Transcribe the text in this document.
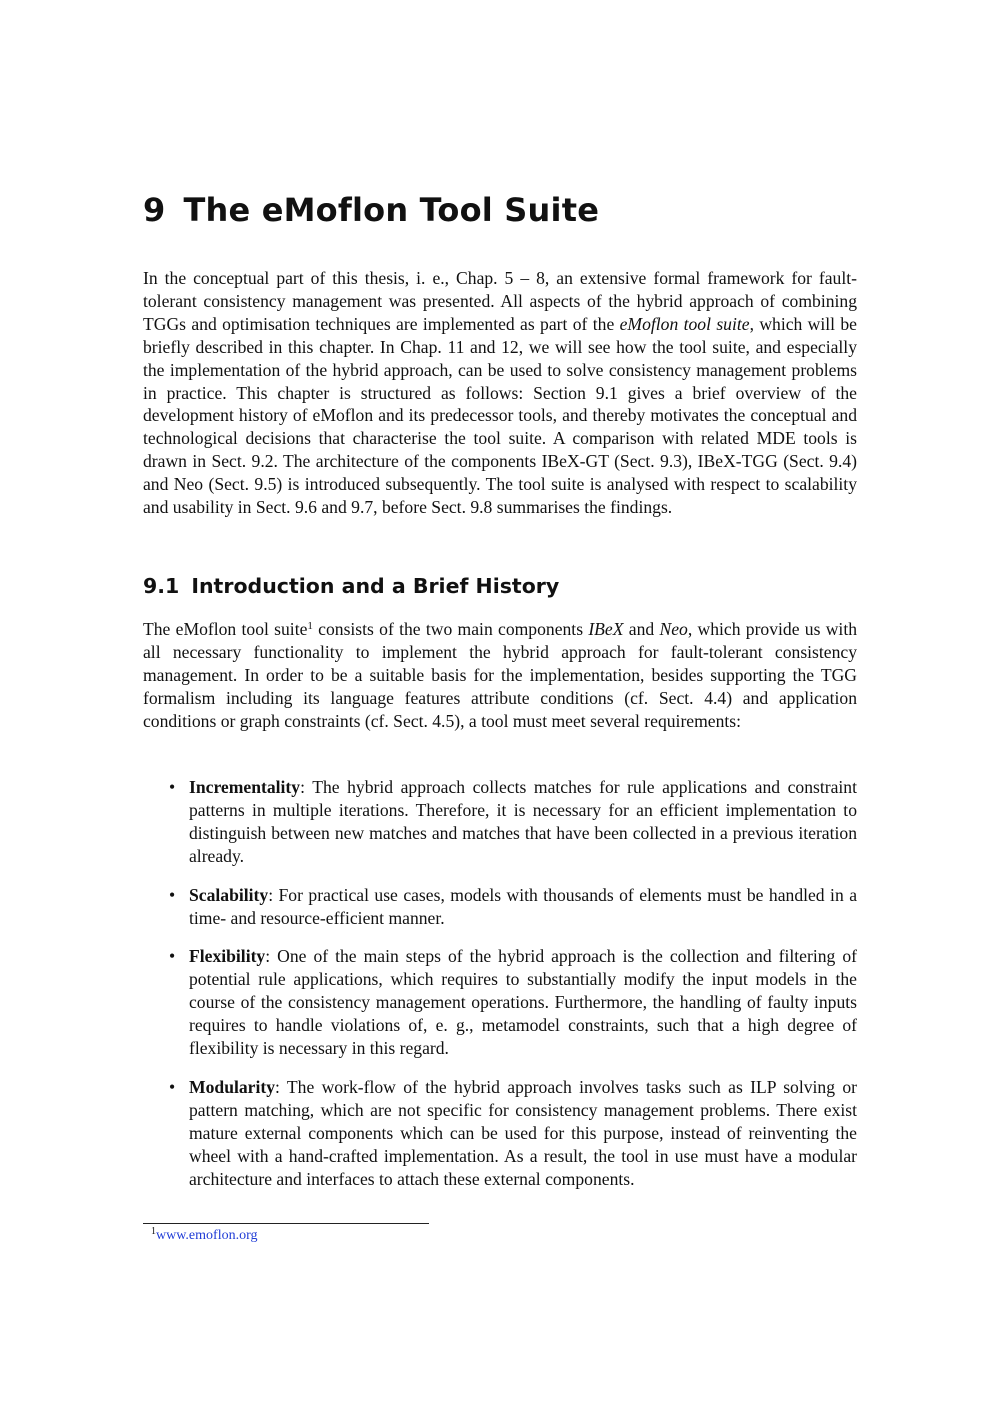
9 The eMoflon Tool Suite

In the conceptual part of this thesis, i. e., Chap. 5 – 8, an extensive formal framework for fault-tolerant consistency management was presented. All aspects of the hybrid approach of combining TGGs and optimisation techniques are implemented as part of the eMoflon tool suite, which will be briefly described in this chapter. In Chap. 11 and 12, we will see how the tool suite, and especially the implementation of the hybrid approach, can be used to solve consistency management problems in practice. This chapter is structured as follows: Section 9.1 gives a brief overview of the development history of eMoflon and its predecessor tools, and thereby motivates the conceptual and technological decisions that characterise the tool suite. A comparison with related MDE tools is drawn in Sect. 9.2. The architecture of the components IBeX-GT (Sect. 9.3), IBeX-TGG (Sect. 9.4) and Neo (Sect. 9.5) is introduced subsequently. The tool suite is analysed with respect to scalability and usability in Sect. 9.6 and 9.7, before Sect. 9.8 summarises the findings.

9.1 Introduction and a Brief History

The eMoflon tool suite$^1$ consists of the two main components IBeX and Neo, which provide us with all necessary functionality to implement the hybrid approach for fault-tolerant consistency management. In order to be a suitable basis for the implementation, besides supporting the TGG formalism including its language features attribute conditions (cf. Sect. 4.4) and application conditions or graph constraints (cf. Sect. 4.5), a tool must meet several requirements:

• Incrementality: The hybrid approach collects matches for rule applications and constraint patterns in multiple iterations. Therefore, it is necessary for an efficient implementation to distinguish between new matches and matches that have been collected in a previous iteration already.
• Scalability: For practical use cases, models with thousands of elements must be handled in a time- and resource-efficient manner.
• Flexibility: One of the main steps of the hybrid approach is the collection and filtering of potential rule applications, which requires to substantially modify the input models in the course of the consistency management operations. Furthermore, the handling of faulty inputs requires to handle violations of, e. g., metamodel constraints, such that a high degree of flexibility is necessary in this regard.
• Modularity: The work-flow of the hybrid approach involves tasks such as ILP solving or pattern matching, which are not specific for consistency management problems. There exist mature external components which can be used for this purpose, instead of reinventing the wheel with a hand-crafted implementation. As a result, the tool in use must have a modular architecture and interfaces to attach these external components.
$^1$www.emoflon.org
